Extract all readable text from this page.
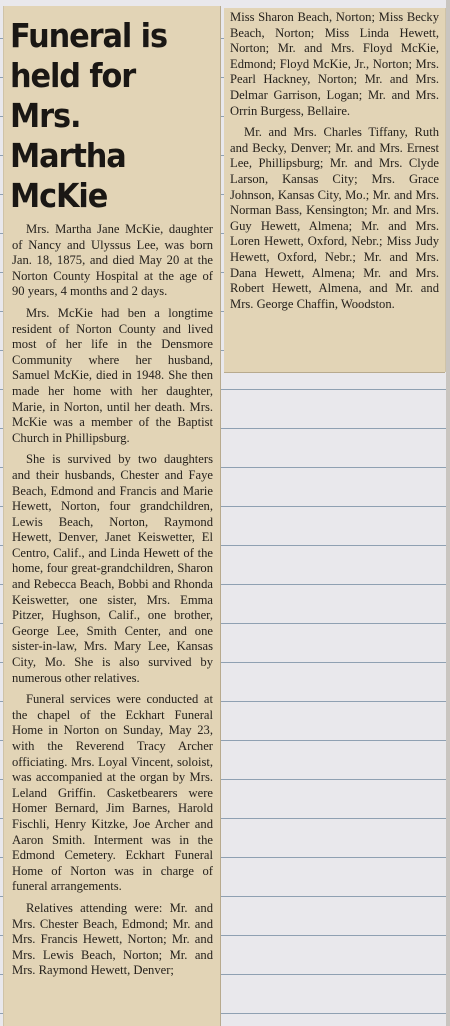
Funeral is held for Mrs. Martha McKie

Mrs. Martha Jane McKie, daughter of Nancy and Ulyssus Lee, was born Jan. 18, 1875, and died May 20 at the Norton County Hospital at the age of 90 years, 4 months and 2 days.

Mrs. McKie had ben a longtime resident of Norton County and lived most of her life in the Densmore Community where her husband, Samuel McKie, died in 1948. She then made her home with her daughter, Marie, in Norton, until her death. Mrs. McKie was a member of the Baptist Church in Phillipsburg.

She is survived by two daughters and their husbands, Chester and Faye Beach, Edmond and Francis and Marie Hewett, Norton, four grandchildren, Lewis Beach, Norton, Raymond Hewett, Denver, Janet Keiswetter, El Centro, Calif., and Linda Hewett of the home, four great-grandchildren, Sharon and Rebecca Beach, Bobbi and Rhonda Keiswetter, one sister, Mrs. Emma Pitzer, Hughson, Calif., one brother, George Lee, Smith Center, and one sister-in-law, Mrs. Mary Lee, Kansas City, Mo. She is also survived by numerous other relatives.

Funeral services were conducted at the chapel of the Eckhart Funeral Home in Norton on Sunday, May 23, with the Reverend Tracy Archer officiating. Mrs. Loyal Vincent, soloist, was accompanied at the organ by Mrs. Leland Griffin. Casketbearers were Homer Bernard, Jim Barnes, Harold Fischli, Henry Kitzke, Joe Archer and Aaron Smith. Interment was in the Edmond Cemetery. Eckhart Funeral Home of Norton was in charge of funeral arrangements.

Relatives attending were: Mr. and Mrs. Chester Beach, Edmond; Mr. and Mrs. Francis Hewett, Norton; Mr. and Mrs. Lewis Beach, Norton; Mr. and Mrs. Raymond Hewett, Denver;

Miss Sharon Beach, Norton; Miss Becky Beach, Norton; Miss Linda Hewett, Norton; Mr. and Mrs. Floyd McKie, Edmond; Floyd McKie, Jr., Norton; Mrs. Pearl Hackney, Norton; Mr. and Mrs. Delmar Garrison, Logan; Mr. and Mrs. Orrin Burgess, Bellaire.

Mr. and Mrs. Charles Tiffany, Ruth and Becky, Denver; Mr. and Mrs. Ernest Lee, Phillipsburg; Mr. and Mrs. Clyde Larson, Kansas City; Mrs. Grace Johnson, Kansas City, Mo.; Mr. and Mrs. Norman Bass, Kensington; Mr. and Mrs. Guy Hewett, Almena; Mr. and Mrs. Loren Hewett, Oxford, Nebr.; Miss Judy Hewett, Oxford, Nebr.; Mr. and Mrs. Dana Hewett, Almena; Mr. and Mrs. Robert Hewett, Almena, and Mr. and Mrs. George Chaffin, Woodston.
